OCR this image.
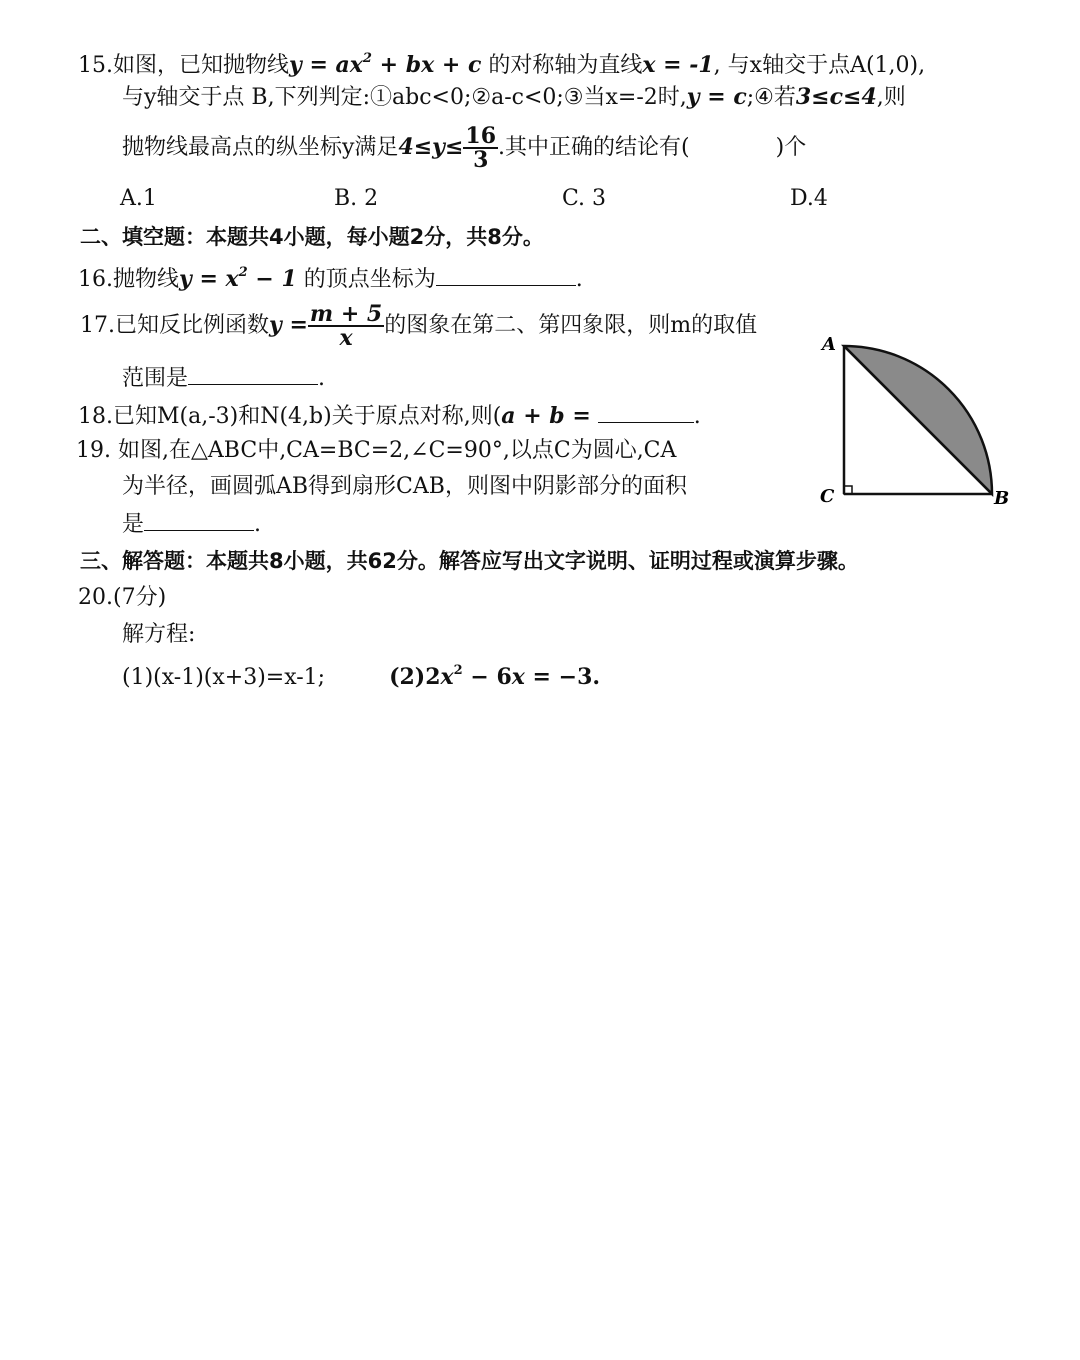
15.如图，已知抛物线$y = ax^2$ + bx + c 的对称轴为直线x = -1, 与x轴交于点A(1,0),
与y轴交于点 B,下列判定:①abc<0;②a-c<0;③当x=-2时,y = c;④若3≤c≤4,则
抛物线最高点的纵坐标y满足$4\le y\le \frac{16}{3}$ .其中正确的结论有(	)个
A.1	B. 2	C. 3	D.4
二、填空题：本题共4小题，每小题2分，共8分。
16.抛物线$y = x^2 - 1$ 的顶点坐标为	.
17.已知反比例函数$y = \frac{m + 5}{x}$ 的图象在第二、第四象限，则m的取值
范围是	.
18.已知M(a,-3)和N(4,b)关于原点对称,则(a + b =	.
19. 如图,在△ABC中,CA=BC=2,∠C=90°,以点C为圆心,CA
为半径，画圆弧AB得到扇形CAB，则图中阴影部分的面积
是	.
A
C	B
三、解答题：本题共8小题，共62分。解答应写出文字说明、证明过程或演算步骤。
20.(7分)
解方程:
(1)(x-1)(x+3)=x-1;	$(2)2x^2 - 6x = -3$.
